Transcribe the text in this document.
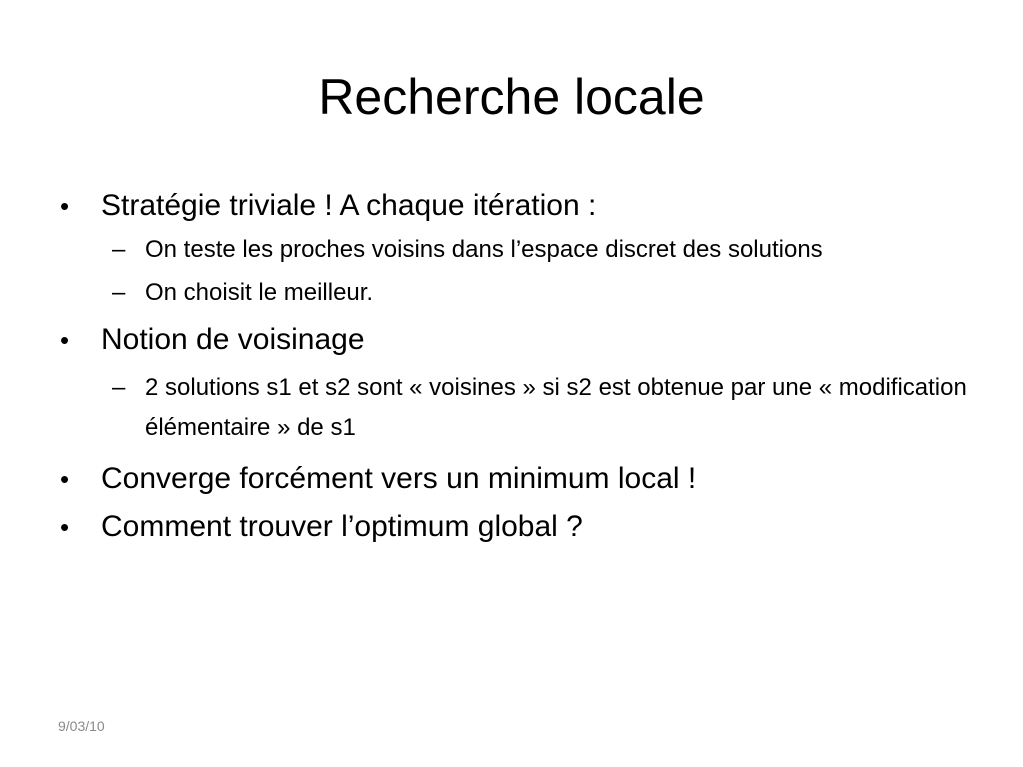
Recherche locale
• Stratégie triviale ! A chaque itération :
– On teste les proches voisins dans l’espace discret des solutions
– On choisit le meilleur.
• Notion de voisinage
– 2 solutions s1 et s2 sont « voisines » si s2 est obtenue par une « modification élémentaire » de s1
• Converge forcément vers un minimum local !
• Comment trouver l’optimum global ?
9/03/10
